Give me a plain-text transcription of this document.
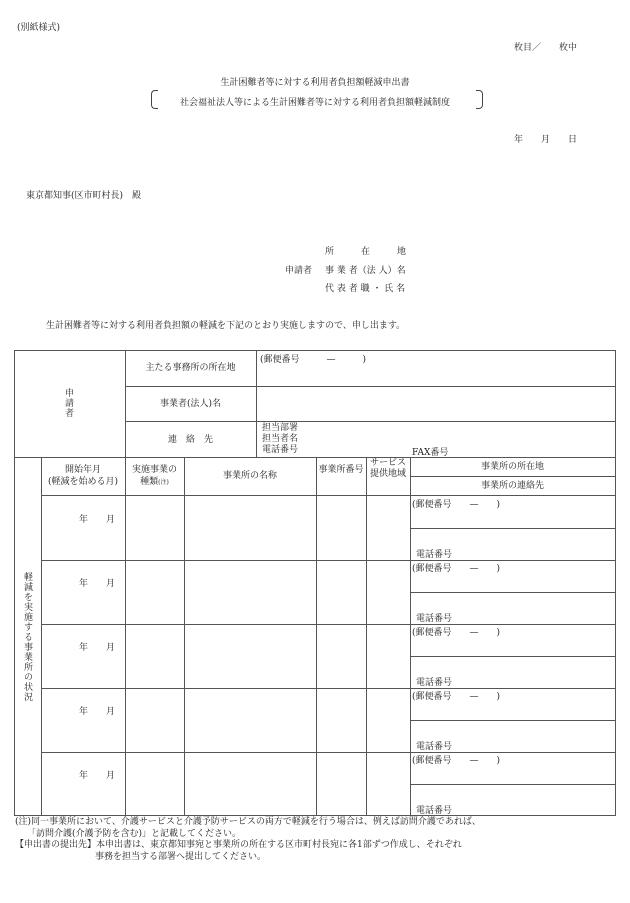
(別紙様式)
枚目／　　枚中
生計困難者等に対する利用者負担額軽減申出書
社会福祉法人等による生計困難者等に対する利用者負担額軽減制度
年　　月　　日
東京都知事(区市町村長)　殿
申請者
所　　　在　　　地
事 業 者（法 人）名
代 表 者 職 ・ 氏 名
生計困難者等に対する利用者負担額の軽減を下記のとおり実施しますので、申し出ます。
申請者
主たる事務所の所在地
(郵便番号　　　—　　　)
事業者(法人)名
連　絡　先
担当部署
担当者名
電話番号	FAX番号
軽減を実施する事業所の状況
開始年月
(軽減を始める月)
実施事業の
種類(注)
事業所の名称
事業所番号
サービス提供地域
事業所の所在地
事業所の連絡先
年　　月
(郵便番号　　—　　)
電話番号
年　　月
(郵便番号　　—　　)
電話番号
年　　月
(郵便番号　　—　　)
電話番号
年　　月
(郵便番号　　—　　)
電話番号
年　　月
(郵便番号　　—　　)
電話番号
(注)同一事業所において、介護サービスと介護予防サービスの両方で軽減を行う場合は、例えば訪問介護であれば、
「訪問介護(介護予防を含む)」と記載してください。
【申出書の提出先】本申出書は、東京都知事宛と事業所の所在する区市町村長宛に各1部ずつ作成し、それぞれ
事務を担当する部署へ提出してください。
